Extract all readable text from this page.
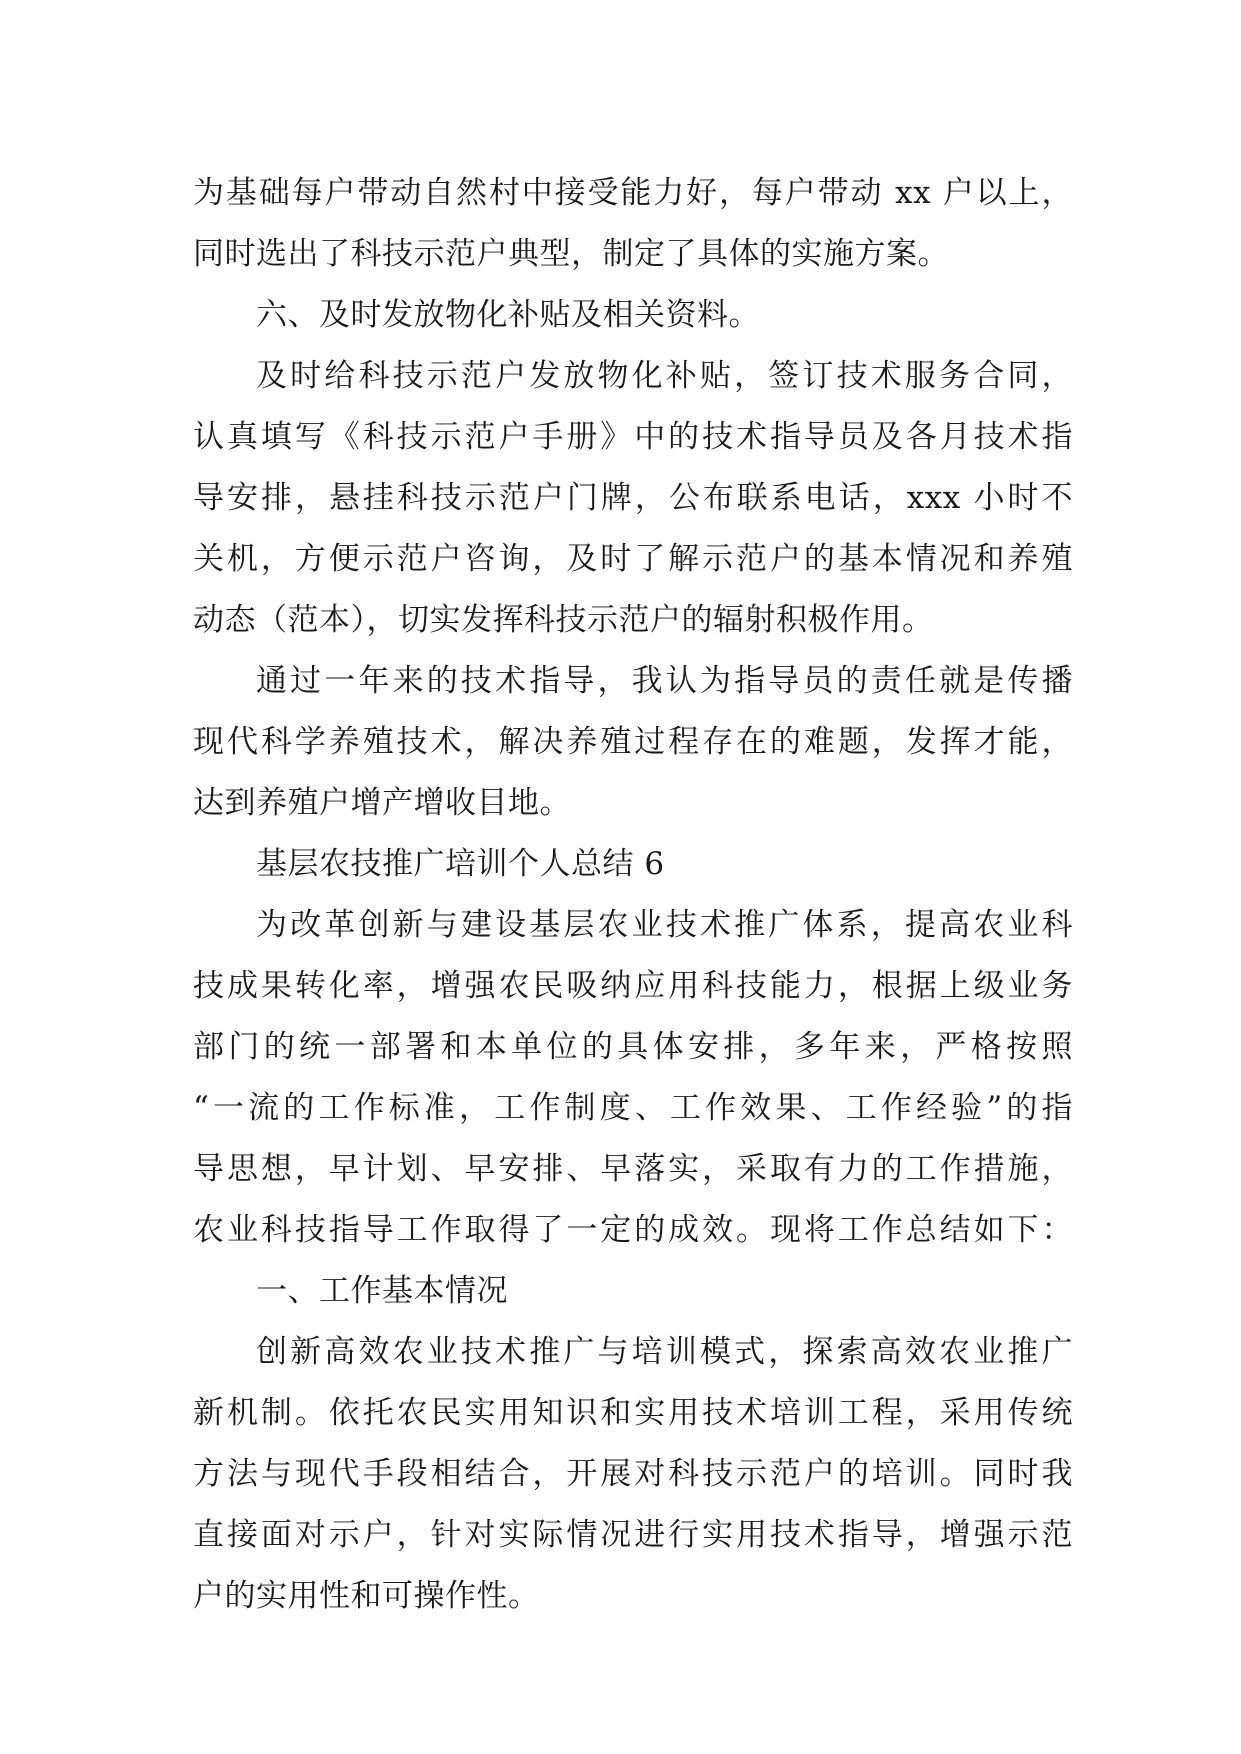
为基础每户带动自然村中接受能力好，每户带动 xx 户以上，
同时选出了科技示范户典型，制定了具体的实施方案。
六、及时发放物化补贴及相关资料。
及时给科技示范户发放物化补贴，签订技术服务合同，
认真填写《科技示范户手册》中的技术指导员及各月技术指
导安排，悬挂科技示范户门牌，公布联系电话，xxx 小时不
关机，方便示范户咨询，及时了解示范户的基本情况和养殖
动态（范本），切实发挥科技示范户的辐射积极作用。
通过一年来的技术指导，我认为指导员的责任就是传播
现代科学养殖技术，解决养殖过程存在的难题，发挥才能，
达到养殖户增产增收目地。
基层农技推广培训个人总结 6
为改革创新与建设基层农业技术推广体系，提高农业科
技成果转化率，增强农民吸纳应用科技能力，根据上级业务
部门的统一部署和本单位的具体安排，多年来，严格按照
“一流的工作标准，工作制度、工作效果、工作经验”的指
导思想，早计划、早安排、早落实，采取有力的工作措施，
农业科技指导工作取得了一定的成效。现将工作总结如下：
一、工作基本情况
创新高效农业技术推广与培训模式，探索高效农业推广
新机制。依托农民实用知识和实用技术培训工程，采用传统
方法与现代手段相结合，开展对科技示范户的培训。同时我
直接面对示户，针对实际情况进行实用技术指导，增强示范
户的实用性和可操作性。
